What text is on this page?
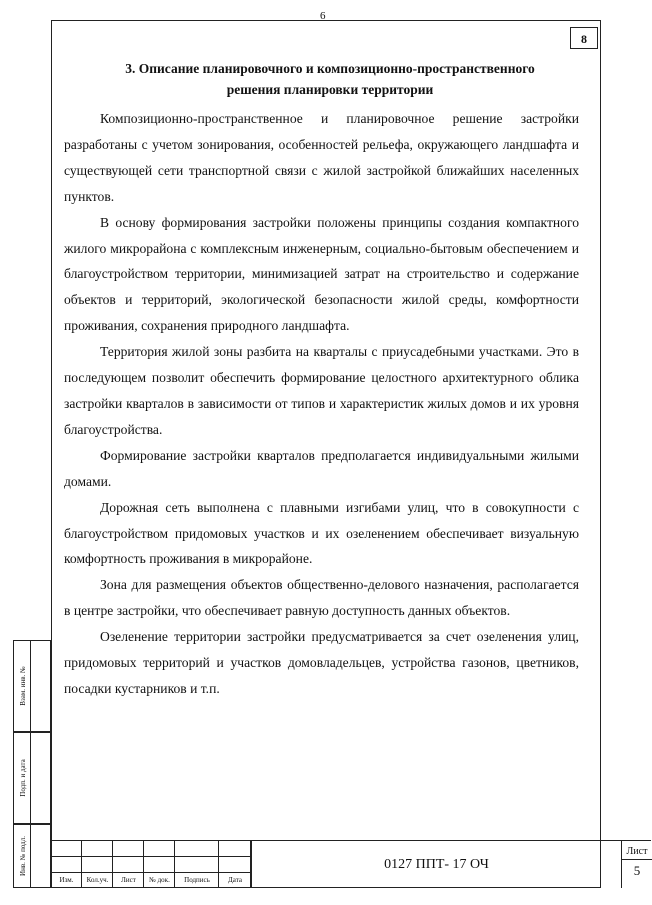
6
8
3. Описание планировочного и композиционно-пространственного
решения планировки территории

Композиционно-пространственное и планировочное решение застройки разработаны с учетом зонирования, особенностей рельефа, окружающего ландшафта и существующей сети транспортной связи с жилой застройкой ближайших населенных пунктов.

В основу формирования застройки положены принципы создания компактного жилого микрорайона с комплексным инженерным, социально-бытовым обеспечением и благоустройством территории, минимизацией затрат на строительство и содержание объектов и территорий, экологической безопасности жилой среды, комфортности проживания, сохранения природного ландшафта.

Территория жилой зоны разбита на кварталы с приусадебными участками. Это в последующем позволит обеспечить формирование целостного архитектурного облика застройки кварталов в зависимости от типов и характеристик жилых домов и их уровня благоустройства.

Формирование застройки кварталов предполагается индивидуальными жилыми домами.

Дорожная сеть выполнена с плавными изгибами улиц, что в совокупности с благоустройством придомовых участков и их озеленением обеспечивает визуальную комфортность проживания в микрорайоне.

Зона для размещения объектов общественно-делового назначения, располагается в центре застройки, что обеспечивает равную доступность данных объектов.

Озеленение территории застройки предусматривается за счет озеленения улиц, придомовых территорий и участков домовладельцев, устройства газонов, цветников, посадки кустарников и т.п.

Взам. инв. №
Подп. и дата
Инв. № подл.
Изм.	Кол.уч.	Лист	№ док.	Подпись	Дата
0127 ППТ- 17 ОЧ
Лист
5
